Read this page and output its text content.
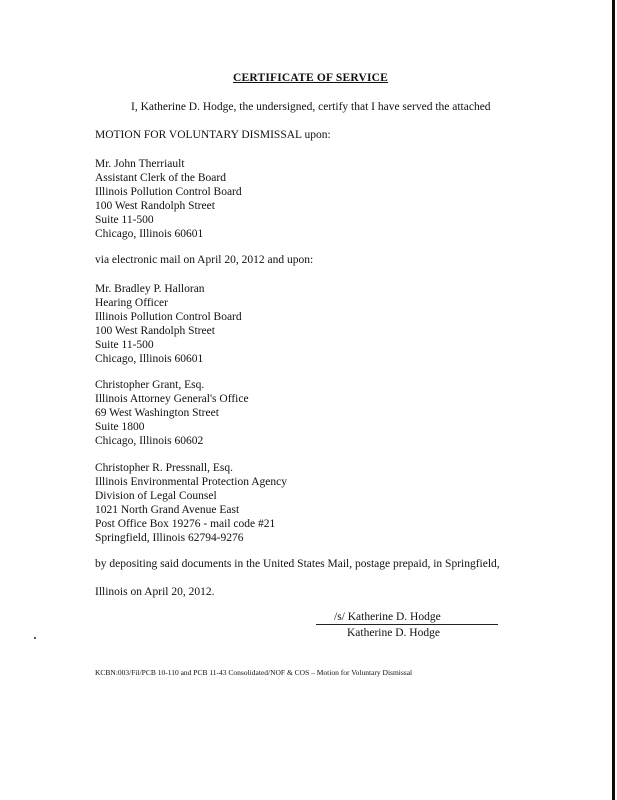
CERTIFICATE OF SERVICE
I, Katherine D. Hodge, the undersigned, certify that I have served the attached
MOTION FOR VOLUNTARY DISMISSAL upon:
Mr. John Therriault
Assistant Clerk of the Board
Illinois Pollution Control Board
100 West Randolph Street
Suite 11-500
Chicago, Illinois 60601
via electronic mail on April 20, 2012 and upon:
Mr. Bradley P. Halloran
Hearing Officer
Illinois Pollution Control Board
100 West Randolph Street
Suite 11-500
Chicago, Illinois 60601
Christopher Grant, Esq.
Illinois Attorney General's Office
69 West Washington Street
Suite 1800
Chicago, Illinois 60602
Christopher R. Pressnall, Esq.
Illinois Environmental Protection Agency
Division of Legal Counsel
1021 North Grand Avenue East
Post Office Box 19276 - mail code #21
Springfield, Illinois 62794-9276
by depositing said documents in the United States Mail, postage prepaid, in Springfield,
Illinois on April 20, 2012.
/s/ Katherine D. Hodge
Katherine D. Hodge
KCBN:003/Fil/PCB 10-110 and PCB 11-43 Consolidated/NOF & COS – Motion for Voluntary Dismissal
